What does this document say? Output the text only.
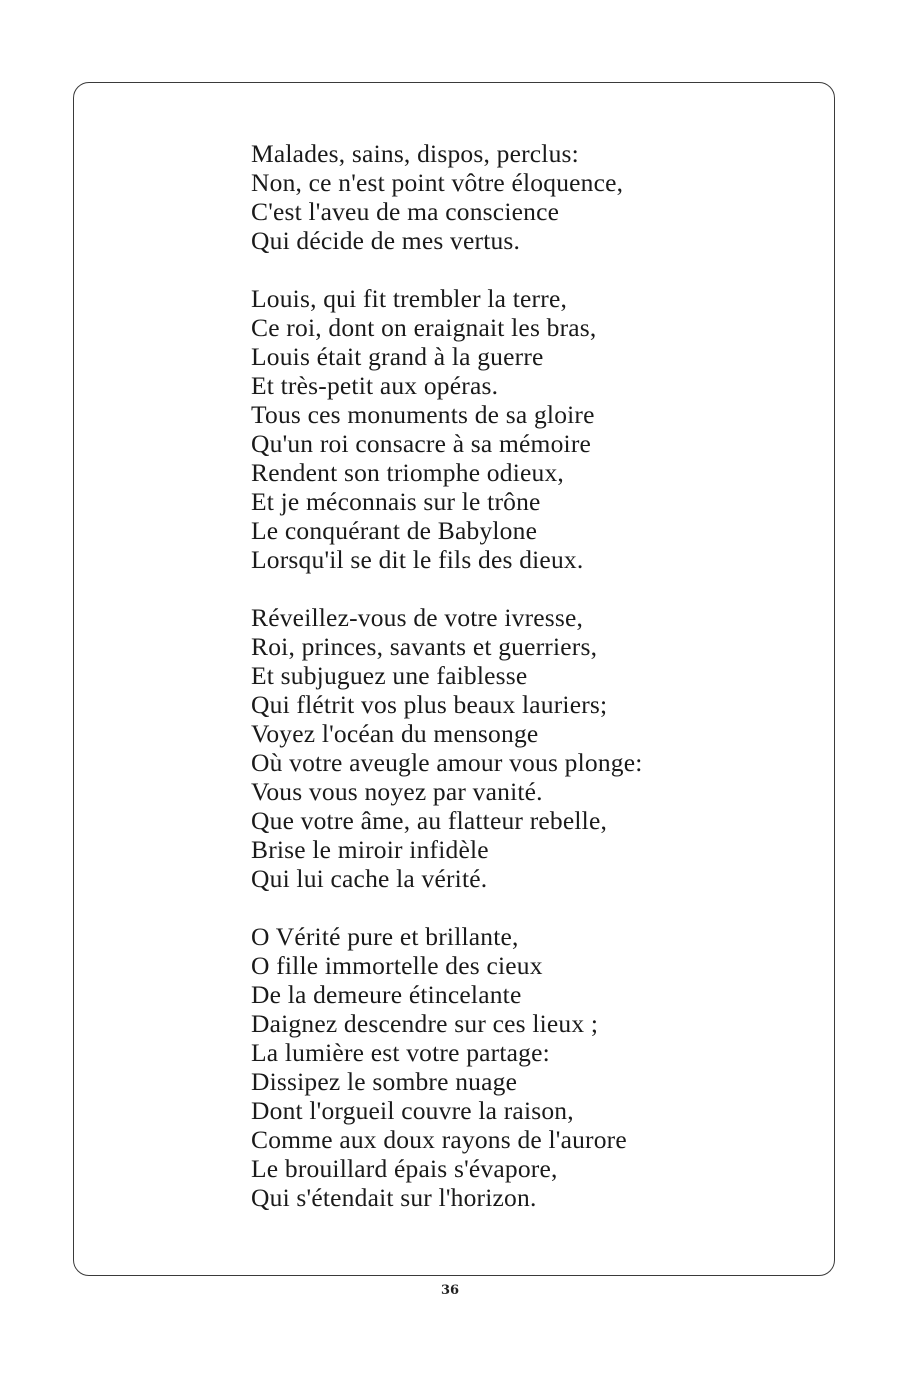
Malades, sains, dispos, perclus:
Non, ce n'est point vôtre éloquence,
C'est l'aveu de ma conscience
Qui décide de mes vertus.
Louis, qui fit trembler la terre,
Ce roi, dont on eraignait les bras,
Louis était grand à la guerre
Et très-petit aux opéras.
Tous ces monuments de sa gloire
Qu'un roi consacre à sa mémoire
Rendent son triomphe odieux,
Et je méconnais sur le trône
Le conquérant de Babylone
Lorsqu'il se dit le fils des dieux.
Réveillez-vous de votre ivresse,
Roi, princes, savants et guerriers,
Et subjuguez une faiblesse
Qui flétrit vos plus beaux lauriers;
Voyez l'océan du mensonge
Où votre aveugle amour vous plonge:
Vous vous noyez par vanité.
Que votre âme, au flatteur rebelle,
Brise le miroir infidèle
Qui lui cache la vérité.
O Vérité pure et brillante,
O fille immortelle des cieux
De la demeure étincelante
Daignez descendre sur ces lieux ;
La lumière est votre partage:
Dissipez le sombre nuage
Dont l'orgueil couvre la raison,
Comme aux doux rayons de l'aurore
Le brouillard épais s'évapore,
Qui s'étendait sur l'horizon.
36
